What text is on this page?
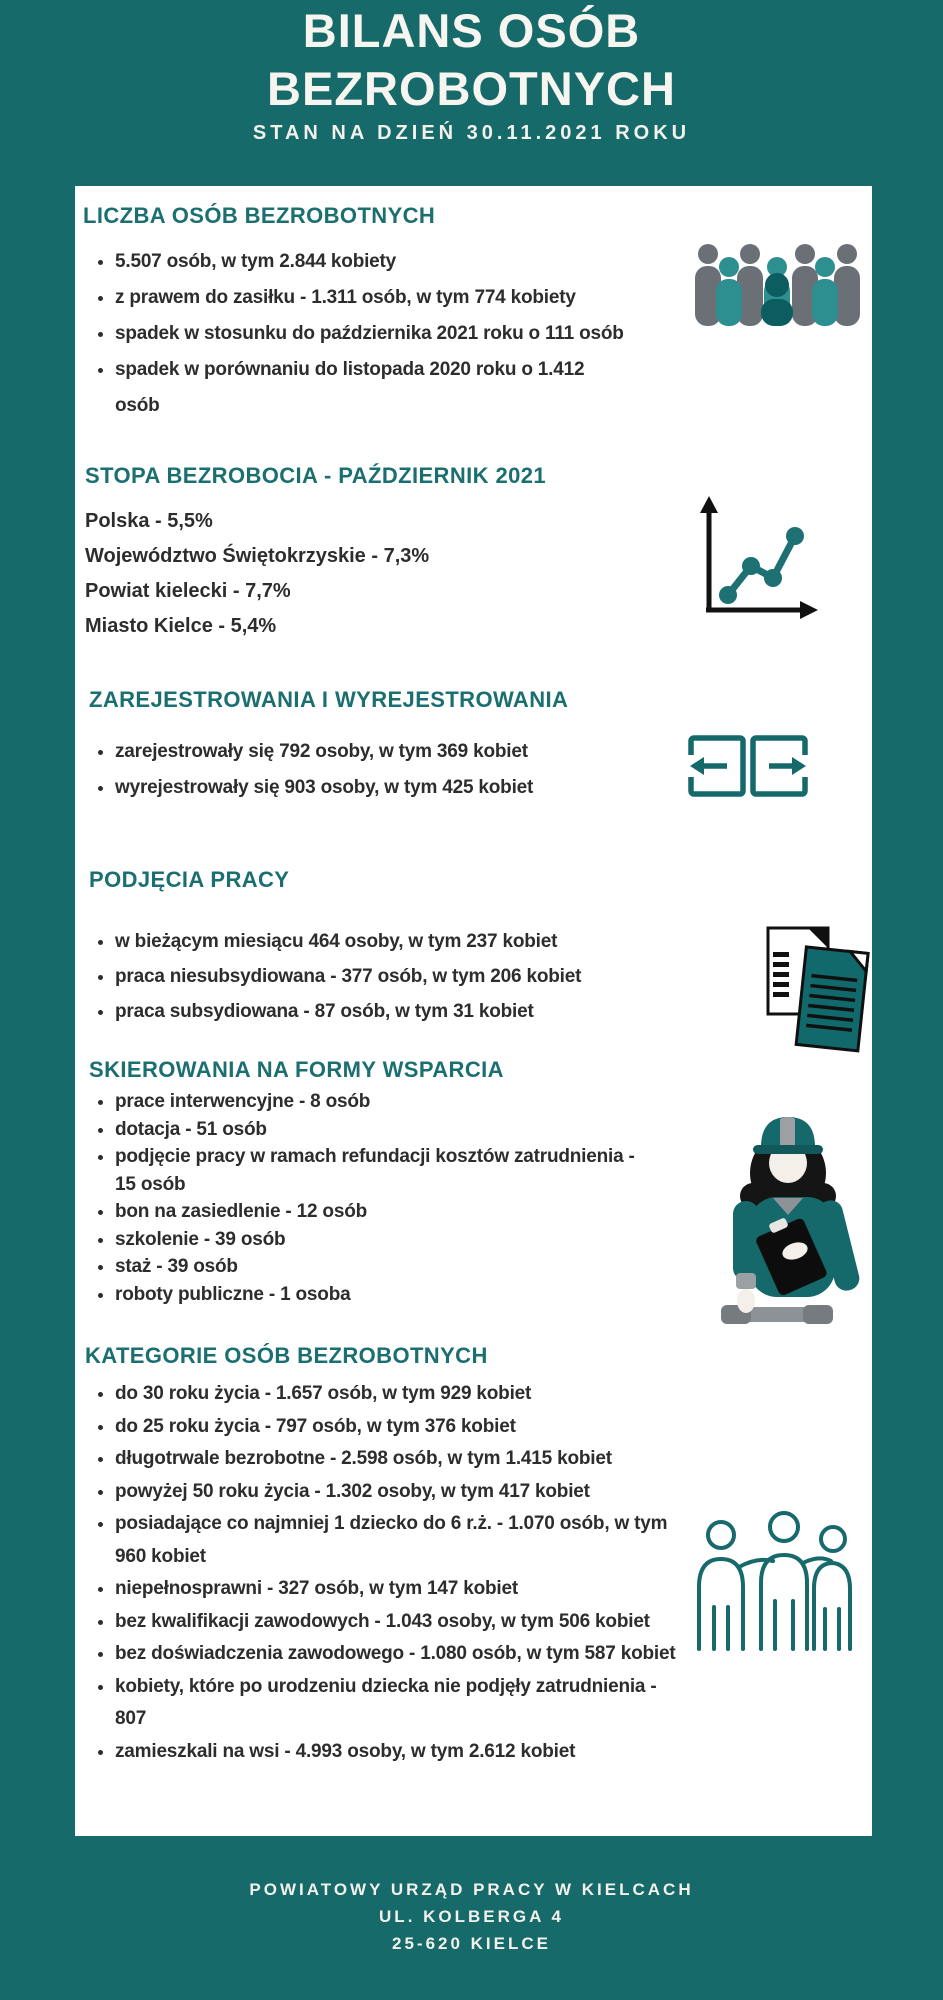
BILANS OSÓB BEZROBOTNYCH
STAN NA DZIEŃ 30.11.2021 ROKU
LICZBA OSÓB BEZROBOTNYCH
• 5.507 osób, w tym 2.844 kobiety
• z prawem do zasiłku - 1.311 osób, w tym 774 kobiety
• spadek w stosunku do października 2021 roku o 111 osób
• spadek w porównaniu do listopada 2020 roku o 1.412 osób
STOPA BEZROBOCIA - PAŹDZIERNIK 2021
Polska - 5,5%
Województwo Świętokrzyskie - 7,3%
Powiat kielecki - 7,7%
Miasto Kielce - 5,4%
ZAREJESTROWANIA I WYREJESTROWANIA
• zarejestrowały się 792 osoby, w tym 369 kobiet
• wyrejestrowały się 903 osoby, w tym 425 kobiet
PODJĘCIA PRACY
• w bieżącym miesiącu 464 osoby, w tym 237 kobiet
• praca niesubsydiowana - 377 osób, w tym 206 kobiet
• praca subsydiowana - 87 osób, w tym 31 kobiet
SKIEROWANIA NA FORMY WSPARCIA
• prace interwencyjne - 8 osób
• dotacja - 51 osób
• podjęcie pracy w ramach refundacji kosztów zatrudnienia - 15 osób
• bon na zasiedlenie - 12 osób
• szkolenie - 39 osób
• staż - 39 osób
• roboty publiczne - 1 osoba
KATEGORIE OSÓB BEZROBOTNYCH
• do 30 roku życia - 1.657 osób, w tym 929 kobiet
• do 25 roku życia - 797 osób, w tym 376 kobiet
• długotrwale bezrobotne - 2.598 osób, w tym 1.415 kobiet
• powyżej 50 roku życia - 1.302 osoby, w tym 417 kobiet
• posiadające co najmniej 1 dziecko do 6 r.ż. - 1.070 osób, w tym 960 kobiet
• niepełnosprawni - 327 osób, w tym 147 kobiet
• bez kwalifikacji zawodowych - 1.043 osoby, w tym 506 kobiet
• bez doświadczenia zawodowego - 1.080 osób, w tym 587 kobiet
• kobiety, które po urodzeniu dziecka nie podjęły zatrudnienia - 807
• zamieszkali na wsi - 4.993 osoby, w tym 2.612 kobiet
POWIATOWY URZĄD PRACY W KIELCACH
UL. KOLBERGA 4
25-620 KIELCE
